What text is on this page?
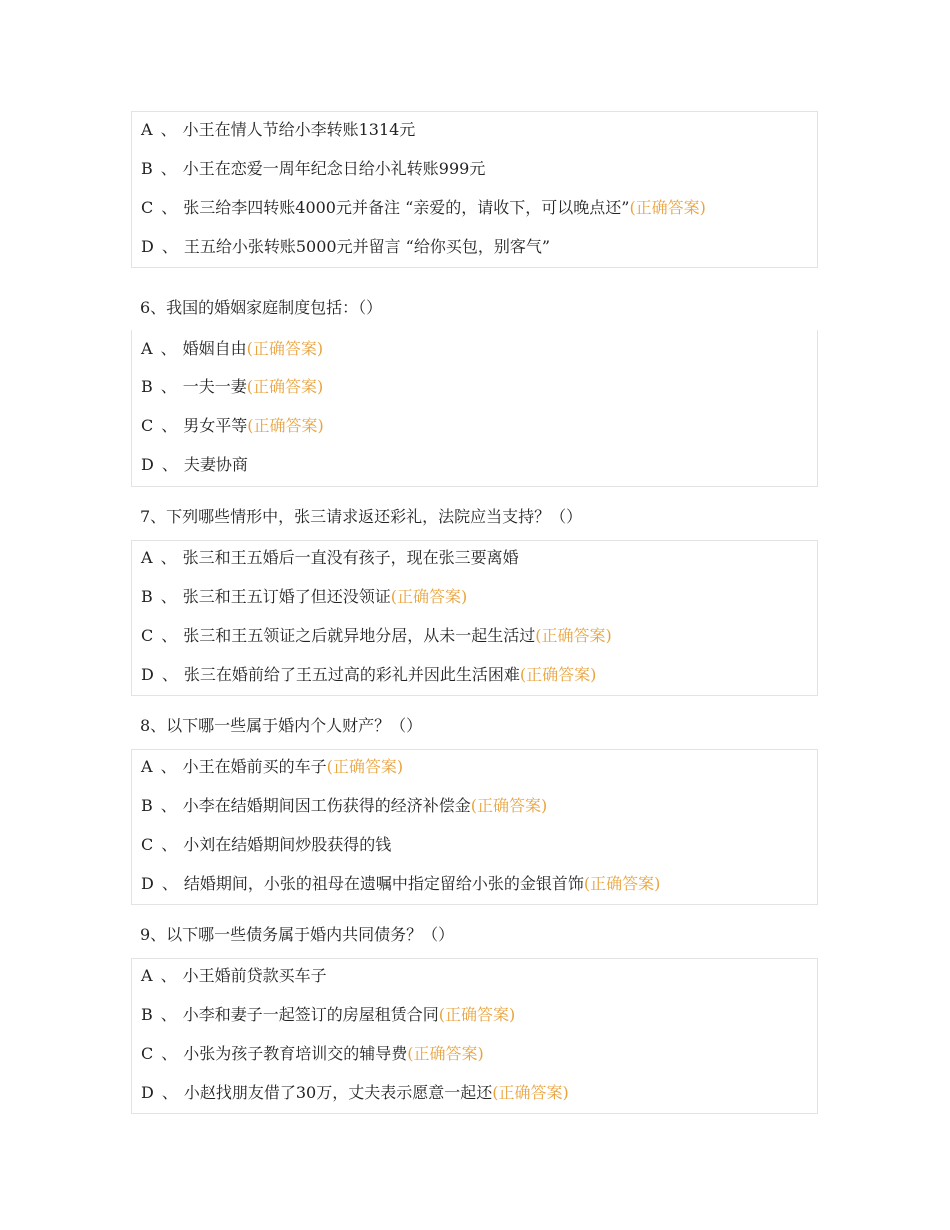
A 、 小王在情人节给小李转账1314元
B 、 小王在恋爱一周年纪念日给小礼转账999元
C 、 张三给李四转账4000元并备注 “亲爱的，请收下，可以晚点还”(正确答案)
D 、 王五给小张转账5000元并留言 “给你买包，别客气”
6、我国的婚姻家庭制度包括：（）
A 、 婚姻自由(正确答案)
B 、 一夫一妻(正确答案)
C 、 男女平等(正确答案)
D 、 夫妻协商
7、下列哪些情形中，张三请求返还彩礼，法院应当支持？（）
A 、 张三和王五婚后一直没有孩子，现在张三要离婚
B 、 张三和王五订婚了但还没领证(正确答案)
C 、 张三和王五领证之后就异地分居，从未一起生活过(正确答案)
D 、 张三在婚前给了王五过高的彩礼并因此生活困难(正确答案)
8、以下哪一些属于婚内个人财产？（）
A 、 小王在婚前买的车子(正确答案)
B 、 小李在结婚期间因工伤获得的经济补偿金(正确答案)
C 、 小刘在结婚期间炒股获得的钱
D 、 结婚期间，小张的祖母在遗嘱中指定留给小张的金银首饰(正确答案)
9、以下哪一些债务属于婚内共同债务？（）
A 、 小王婚前贷款买车子
B 、 小李和妻子一起签订的房屋租赁合同(正确答案)
C 、 小张为孩子教育培训交的辅导费(正确答案)
D 、 小赵找朋友借了30万，丈夫表示愿意一起还(正确答案)
